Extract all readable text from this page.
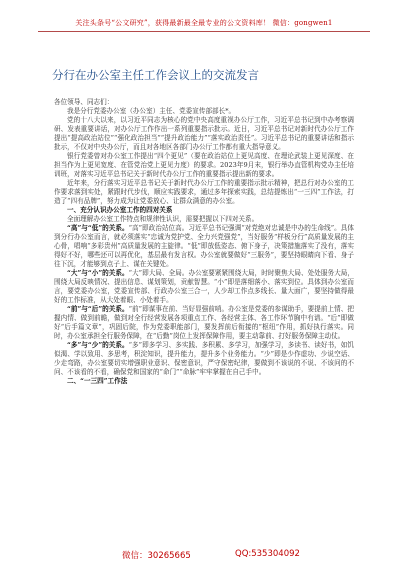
关注头条号“公文研究”，获得最新最全最专业的公文资料库！ 微信：gongwen1
分行在办公室主任工作会议上的交流发言

各位领导、同志们：

我是分行党委办公室（办公室）主任、党委宣传部部长*。

党的十八大以来，以习近平同志为核心的党中央高度重视办公厅工作，习近平总书记到中办考察调研、发表重要讲话，对办公厅工作作出一系列重要指示批示。近日，习近平总书记对新时代办公厅工作提出“提高政治站位”“强化政治担当”“提升政治能力”“落实政治责任”。习近平总书记的重要讲话和指示批示，不仅对中央办公厅，而且对各地区各部门办公厅工作都有重大指导意义。

银行党委曾对办公室工作提出“四个更见”（要在政治站位上更见高度、在理论武装上更见深度、在担当作为上更见宽度、在管党治党上更见力度）的要求。2023年9月末，银行举办直管机构党办主任培训班，对落实习近平总书记关于新时代办公厅工作的重要指示提出新的要求。

近年来，分行落实习近平总书记关于新时代办公厅工作的重要指示批示精神，把总行对办公室的工作要求落到实处，紧跟时代步伐，顺应实践要求，通过多年探索实践，总结提炼出“一三四”工作法，打造了“四有品牌”，努力成为让党委放心、让群众满意的办公室。

一、充分认识办公室工作的四对关系

全面理解办公室工作特点和规律性认识，需要把握以下四对关系。

“高”与“低”的关系。“高”即政治站位高。习近平总书记强调“对党绝对忠诚是中办的生命线”。具体到分行办公室而言，就必须落实“忠诚为党护党、全力兴党强党”，当好服务“样板分行”高质量发展的主心骨，唱响“多彩贵州”高质量发展的主旋律。“低”即放低姿态、俯下身子，决策措施落实了没有，落实得好不好，哪些还可以再优化，基层最有发言权。办公室就要做好“三服务”，要坚持眼睛向下看、身子往下沉，才能够到点子上、谋在关键处。

“大”与“小”的关系。“大”即大局、全局。办公室要紧紧围绕大局，时时聚焦大局、处处服务大局，围绕大局反映情况、提出信息、谋划策划，贡献智慧。“小”即是落细落小、落实到位。具体到办公室而言，要党委办公室，党委宣传部、行政办公室三合一，人少却工作点多线长、量大面广，要坚持做得最好的工作标准，从大处着眼、小处着手。

“前”与“后”的关系。“前”即谋事在前、当好显强前哨。办公室是党委的参谋助手，要提前上情、把握内情、做到前瞻，做到对全行经营发展各项重点工作、各经营主体、各工作环节胸中有谱。“后”即做好“后手篇文章”，巩固后院，作为党委职能部门，要发挥前后衔接的“枢纽”作用，抓好执行落实。同时，办公室承担全行服务保障，在“后勤”岗位上发挥保障作用，要主动靠前、打好服务保障主动仗。

“多”与“少”的关系。“多”即多学习、多实践、多积累、多学习，加强学习，多读书、读好书，如饥似渴、学以致用、多思考，积淀知识，提升能力，提升多个业务能力。“少”即是少作虚功、少说空话、少走弯路，办公室要切实增强职业意识、保密意识，严守保密纪律，要做到不该说的不说、不该问的不问、不该看的不看，确保党和国家的“命门”“命脉”牢牢掌握在自己手中。

二、“一三四”工作法

微信：30265665	QQ:535304092
